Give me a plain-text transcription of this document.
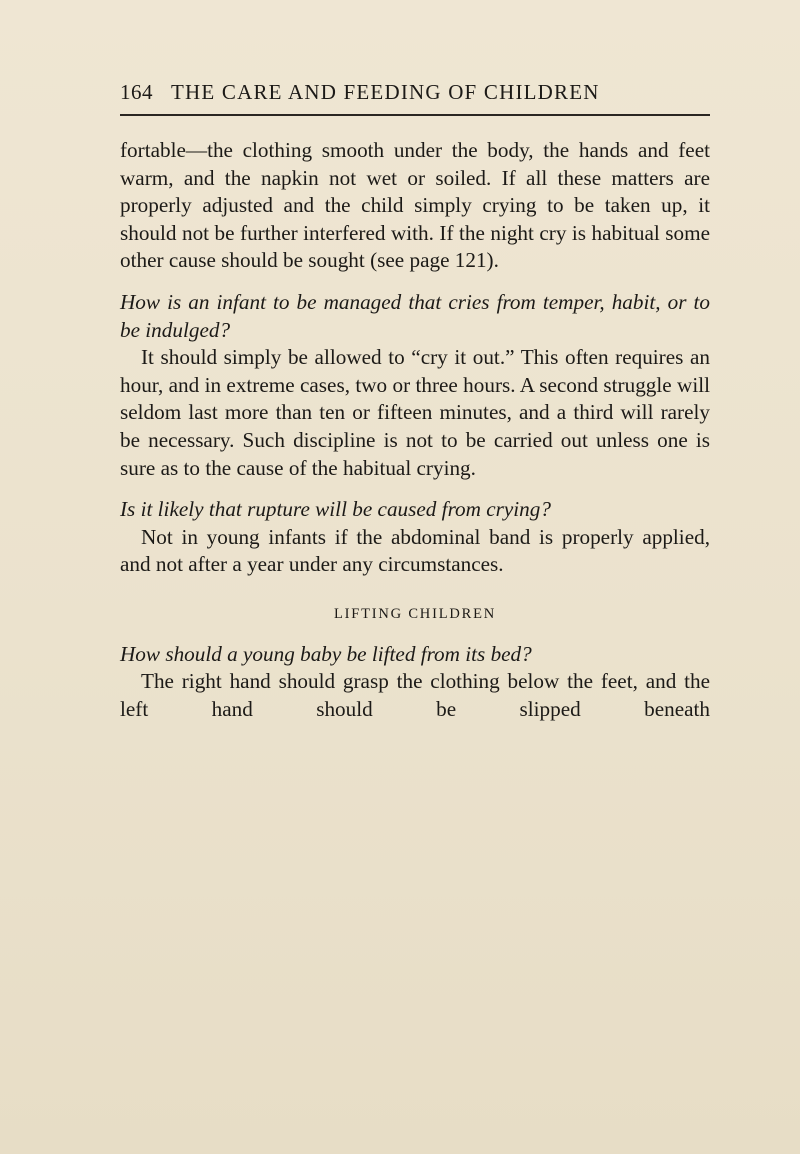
164 THE CARE AND FEEDING OF CHILDREN

fortable—the clothing smooth under the body, the hands and feet warm, and the napkin not wet or soiled. If all these matters are properly adjusted and the child simply crying to be taken up, it should not be further interfered with. If the night cry is habitual some other cause should be sought (see page 121).

How is an infant to be managed that cries from temper, habit, or to be indulged?

It should simply be allowed to “cry it out.” This often requires an hour, and in extreme cases, two or three hours. A second struggle will seldom last more than ten or fifteen minutes, and a third will rarely be necessary. Such discipline is not to be carried out unless one is sure as to the cause of the habitual crying.

Is it likely that rupture will be caused from crying?

Not in young infants if the abdominal band is properly applied, and not after a year under any circumstances.

LIFTING CHILDREN

How should a young baby be lifted from its bed?

The right hand should grasp the clothing below the feet, and the left hand should be slipped beneath
